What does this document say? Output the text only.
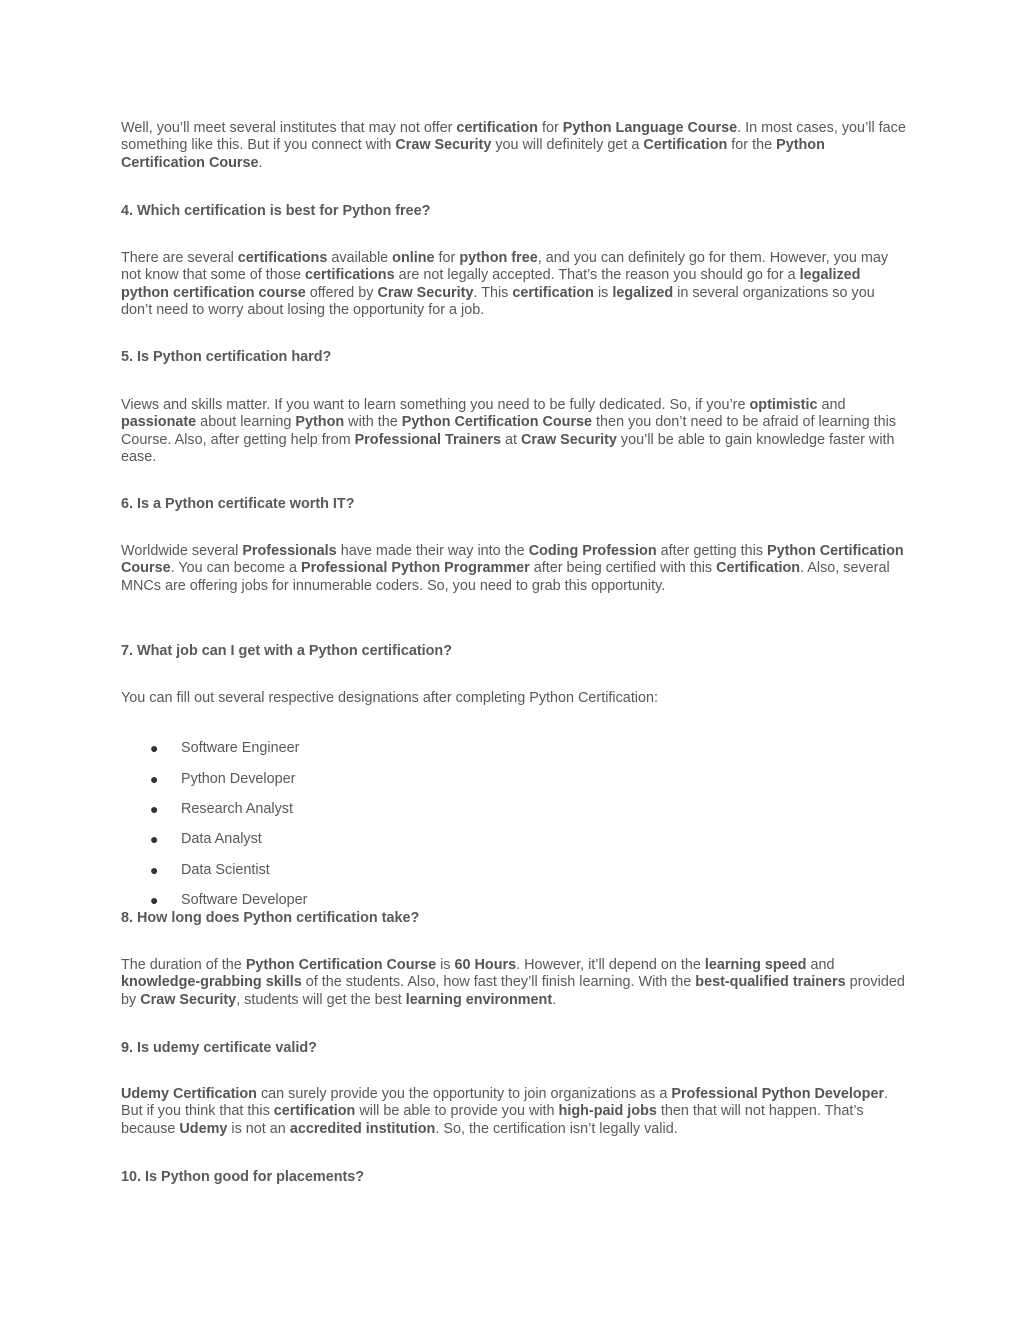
Well, you’ll meet several institutes that may not offer certification for Python Language Course. In most cases, you’ll face something like this. But if you connect with Craw Security you will definitely get a Certification for the Python Certification Course.

4. Which certification is best for Python free?

There are several certifications available online for python free, and you can definitely go for them. However, you may not know that some of those certifications are not legally accepted. That’s the reason you should go for a legalized python certification course offered by Craw Security. This certification is legalized in several organizations so you don’t need to worry about losing the opportunity for a job.

5. Is Python certification hard?

Views and skills matter. If you want to learn something you need to be fully dedicated. So, if you’re optimistic and passionate about learning Python with the Python Certification Course then you don’t need to be afraid of learning this Course. Also, after getting help from Professional Trainers at Craw Security you’ll be able to gain knowledge faster with ease.

6. Is a Python certificate worth IT?

Worldwide several Professionals have made their way into the Coding Profession after getting this Python Certification Course. You can become a Professional Python Programmer after being certified with this Certification. Also, several MNCs are offering jobs for innumerable coders. So, you need to grab this opportunity.

7. What job can I get with a Python certification?

You can fill out several respective designations after completing Python Certification:

● Software Engineer

● Python Developer

● Research Analyst

● Data Analyst

● Data Scientist

● Software Developer

8. How long does Python certification take?

The duration of the Python Certification Course is 60 Hours. However, it’ll depend on the learning speed and knowledge-grabbing skills of the students. Also, how fast they’ll finish learning. With the best-qualified trainers provided by Craw Security, students will get the best learning environment.

9. Is udemy certificate valid?

Udemy Certification can surely provide you the opportunity to join organizations as a Professional Python Developer. But if you think that this certification will be able to provide you with high-paid jobs then that will not happen. That’s because Udemy is not an accredited institution. So, the certification isn’t legally valid.

10. Is Python good for placements?
